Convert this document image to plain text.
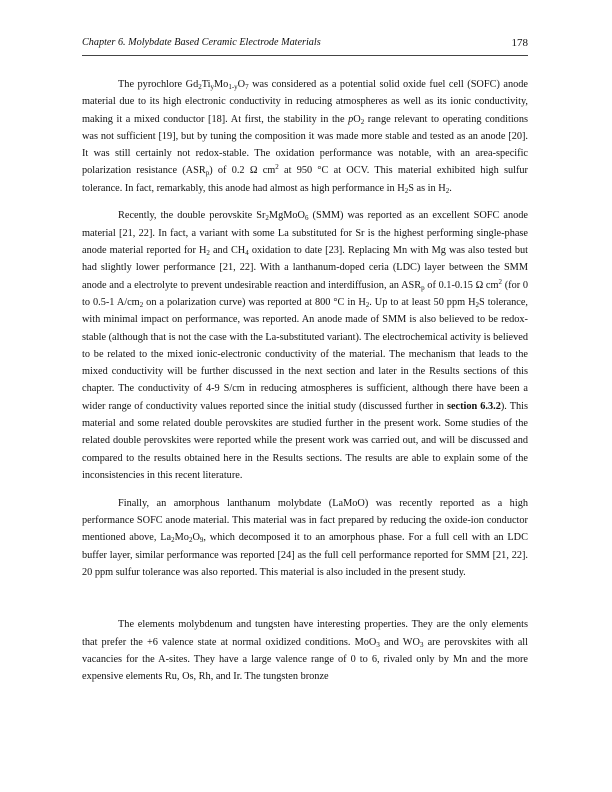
Chapter 6. Molybdate Based Ceramic Electrode Materials	178

The pyrochlore $Gd_2Ti_yMo_{1-y}O_7$ was considered as a potential solid oxide fuel cell (SOFC) anode material due to its high electronic conductivity in reducing atmospheres as well as its ionic conductivity, making it a mixed conductor [18]. At first, the stability in the $pO_2$ range relevant to operating conditions was not sufficient [19], but by tuning the composition it was made more stable and tested as an anode [20]. It was still certainly not redox-stable. The oxidation performance was notable, with an area-specific polarization resistance $(ASR_p)$ of 0.2 Ω $cm^2$ at 950 °C at OCV. This material exhibited high sulfur tolerance. In fact, remarkably, this anode had almost as high performance in $H_2S$ as in $H_2$.

Recently, the double perovskite $Sr_2MgMoO_6$ (SMM) was reported as an excellent SOFC anode material [21, 22]. In fact, a variant with some La substituted for Sr is the highest performing single-phase anode material reported for $H_2$ and $CH_4$ oxidation to date [23]. Replacing Mn with Mg was also tested but had slightly lower performance [21, 22]. With a lanthanum-doped ceria (LDC) layer between the SMM anode and a electrolyte to prevent undesirable reaction and interdiffusion, an $ASR_p$ of 0.1-0.15 Ω $cm^2$ (for 0 to 0.5-1 $A/cm_2$ on a polarization curve) was reported at 800 °C in $H_2$. Up to at least 50 ppm $H_2S$ tolerance, with minimal impact on performance, was reported. An anode made of SMM is also believed to be redox-stable (although that is not the case with the La-substituted variant). The electrochemical activity is believed to be related to the mixed ionic-electronic conductivity of the material. The mechanism that leads to the mixed conductivity will be further discussed in the next section and later in the Results sections of this chapter. The conductivity of 4-9 S/cm in reducing atmospheres is sufficient, although there have been a wider range of conductivity values reported since the initial study (discussed further in section 6.3.2). This material and some related double perovskites are studied further in the present work. Some studies of the related double perovskites were reported while the present work was carried out, and will be discussed and compared to the results obtained here in the Results sections. The results are able to explain some of the inconsistencies in this recent literature.

Finally, an amorphous lanthanum molybdate (LaMoO) was recently reported as a high performance SOFC anode material. This material was in fact prepared by reducing the oxide-ion conductor mentioned above, $La_2Mo_2O_9$, which decomposed it to an amorphous phase. For a full cell with an LDC buffer layer, similar performance was reported [24] as the full cell performance reported for SMM [21, 22]. 20 ppm sulfur tolerance was also reported. This material is also included in the present study.

The elements molybdenum and tungsten have interesting properties. They are the only elements that prefer the +6 valence state at normal oxidized conditions. MoO$_3$ and $WO_3$ are perovskites with all vacancies for the A-sites. They have a large valence range of 0 to 6, rivaled only by Mn and the more expensive elements Ru, Os, Rh, and Ir. The tungsten bronze
